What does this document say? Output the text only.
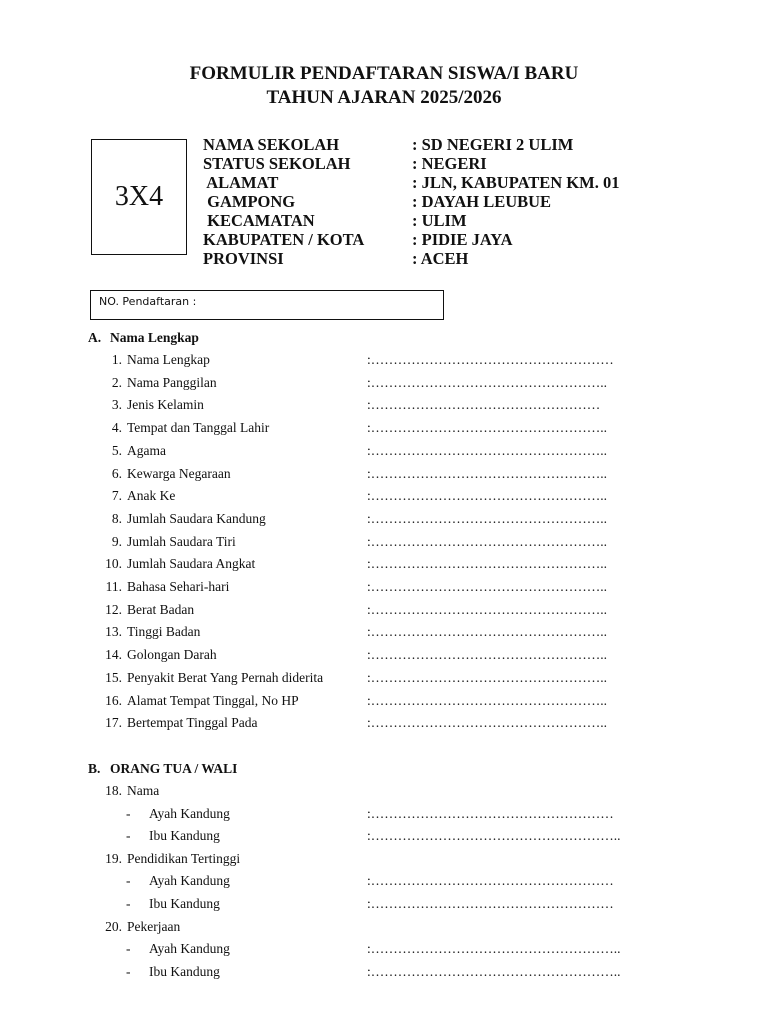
FORMULIR PENDAFTARAN SISWA/I BARU
TAHUN AJARAN 2025/2026
3X4
NAMA SEKOLAH	: SD NEGERI 2 ULIM
STATUS SEKOLAH	: NEGERI
ALAMAT	: JLN, KABUPATEN KM. 01
GAMPONG	: DAYAH LEUBUE
KECAMATAN	: ULIM
KABUPATEN / KOTA	: PIDIE JAYA
PROVINSI	: ACEH
NO. Pendaftaran :
A. Nama Lengkap
1. Nama Lengkap	:………………………………………………
2. Nama Panggilan	:……………………………………………..
3. Jenis Kelamin	:……………………………………………
4. Tempat dan Tanggal Lahir	:……………………………………………..
5. Agama	:……………………………………………..
6. Kewarga Negaraan	:……………………………………………..
7. Anak Ke	:……………………………………………..
8. Jumlah Saudara Kandung	:……………………………………………..
9. Jumlah Saudara Tiri	:……………………………………………..
10. Jumlah Saudara Angkat	:……………………………………………..
11. Bahasa Sehari-hari	:……………………………………………..
12. Berat Badan	:……………………………………………..
13. Tinggi Badan	:……………………………………………..
14. Golongan Darah	:……………………………………………..
15. Penyakit Berat Yang Pernah diderita	:……………………………………………..
16. Alamat Tempat Tinggal, No HP	:……………………………………………..
17. Bertempat Tinggal Pada	:……………………………………………..
B. ORANG TUA / WALI
18. Nama
- Ayah Kandung	:………………………………………………
- Ibu Kandung	:………………………………………………..
19. Pendidikan Tertinggi
- Ayah Kandung	:………………………………………………
- Ibu Kandung	:………………………………………………
20. Pekerjaan
- Ayah Kandung	:………………………………………………..
- Ibu Kandung	:………………………………………………..
